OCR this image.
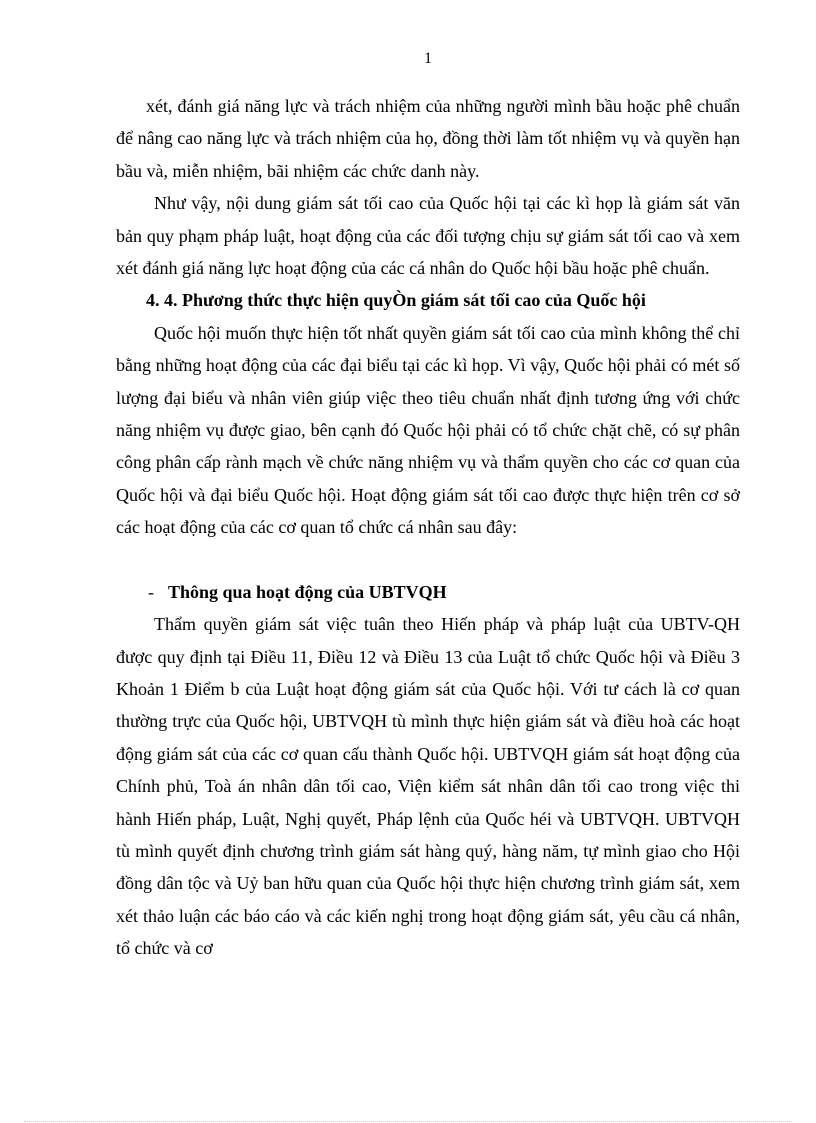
1

xét, đánh giá năng lực và trách nhiệm của những người mình bầu hoặc phê chuẩn để nâng cao năng lực và trách nhiệm của họ, đồng thời làm tốt nhiệm vụ và quyền hạn bầu và, miễn nhiệm, bãi nhiệm các chức danh này.

Như vậy, nội dung giám sát tối cao của Quốc hội tại các kì họp là giám sát văn bản quy phạm pháp luật, hoạt động của các đối tượng chịu sự giám sát tối cao và xem xét đánh giá năng lực hoạt động của các cá nhân do Quốc hội bầu hoặc phê chuẩn.

4. 4. Phương thức thực hiện quyÒn giám sát tối cao của Quốc hội

Quốc hội muốn thực hiện tốt nhất quyền giám sát tối cao của mình không thể chỉ bằng những hoạt động của các đại biểu tại các kì họp. Vì vậy, Quốc hội phải có mét số lượng đại biểu và nhân viên giúp việc theo tiêu chuẩn nhất định tương ứng với chức năng nhiệm vụ được giao, bên cạnh đó Quốc hội phải có tổ chức chặt chẽ, có sự phân công phân cấp rành mạch về chức năng nhiệm vụ và thẩm quyền cho các cơ quan của Quốc hội và đại biểu Quốc hội. Hoạt động giám sát tối cao được thực hiện trên cơ sở các hoạt động của các cơ quan tổ chức cá nhân sau đây:

- Thông qua hoạt động của UBTVQH

Thẩm quyền giám sát việc tuân theo Hiến pháp và pháp luật của UBTV-QH được quy định tại Điều 11, Điều 12 và Điều 13 của Luật tổ chức Quốc hội và Điều 3 Khoản 1 Điểm b của Luật hoạt động giám sát của Quốc hội. Với tư cách là cơ quan thường trực của Quốc hội, UBTVQH tù mình thực hiện giám sát và điều hoà các hoạt động giám sát của các cơ quan cấu thành Quốc hội. UBTVQH giám sát hoạt động của Chính phủ, Toà án nhân dân tối cao, Viện kiểm sát nhân dân tối cao trong việc thi hành Hiến pháp, Luật, Nghị quyết, Pháp lệnh của Quốc héi và UBTVQH. UBTVQH tù mình quyết định chương trình giám sát hàng quý, hàng năm, tự mình giao cho Hội đồng dân tộc và Uỷ ban hữu quan của Quốc hội thực hiện chương trình giám sát, xem xét thảo luận các báo cáo và các kiến nghị trong hoạt động giám sát, yêu cầu cá nhân, tổ chức và cơ
